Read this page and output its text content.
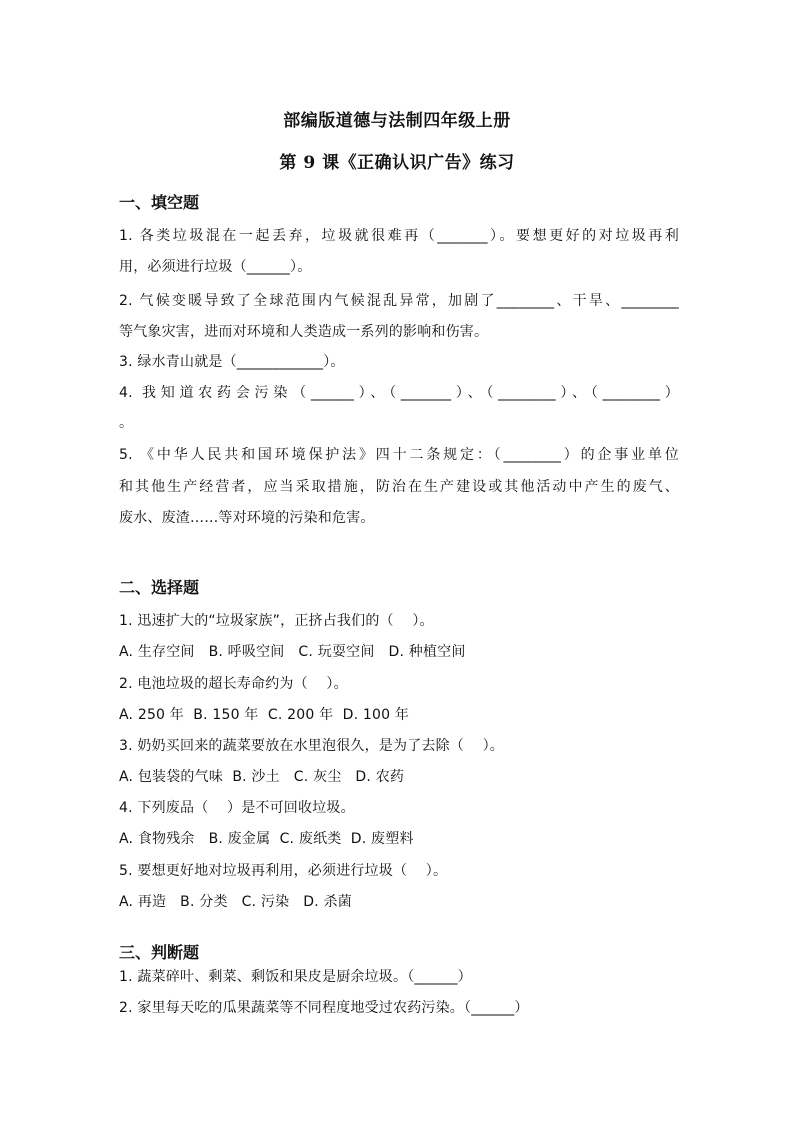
部编版道德与法制四年级上册
第 9 课《正确认识广告》练习
一、填空题
1. 各类垃圾混在一起丢弃，垃圾就很难再（_______）。要想更好的对垃圾再利
用，必须进行垃圾（______）。
2. 气候变暖导致了全球范围内气候混乱异常，加剧了________、干旱、________
等气象灾害，进而对环境和人类造成一系列的影响和伤害。
3. 绿水青山就是（____________）。
4. 我知道农药会污染（______）、（_______）、（________）、（________）
。
5. 《中华人民共和国环境保护法》四十二条规定：（________）的企事业单位
和其他生产经营者，应当采取措施，防治在生产建设或其他活动中产生的废气、
废水、废渣……等对环境的污染和危害。
二、选择题
1. 迅速扩大的“垃圾家族”，正挤占我们的（    ）。
A. 生存空间   B. 呼吸空间   C. 玩耍空间   D. 种植空间
2. 电池垃圾的超长寿命约为（    ）。
A. 250 年  B. 150 年  C. 200 年  D. 100 年
3. 奶奶买回来的蔬菜要放在水里泡很久，是为了去除（    ）。
A. 包装袋的气味  B. 沙土   C. 灰尘   D. 农药
4. 下列废品（    ）是不可回收垃圾。
A. 食物残余   B. 废金属  C. 废纸类  D. 废塑料
5. 要想更好地对垃圾再利用，必须进行垃圾（    ）。
A. 再造   B. 分类   C. 污染   D. 杀菌
三、判断题
1. 蔬菜碎叶、剩菜、剩饭和果皮是厨余垃圾。（______）
2. 家里每天吃的瓜果蔬菜等不同程度地受过农药污染。（______）
